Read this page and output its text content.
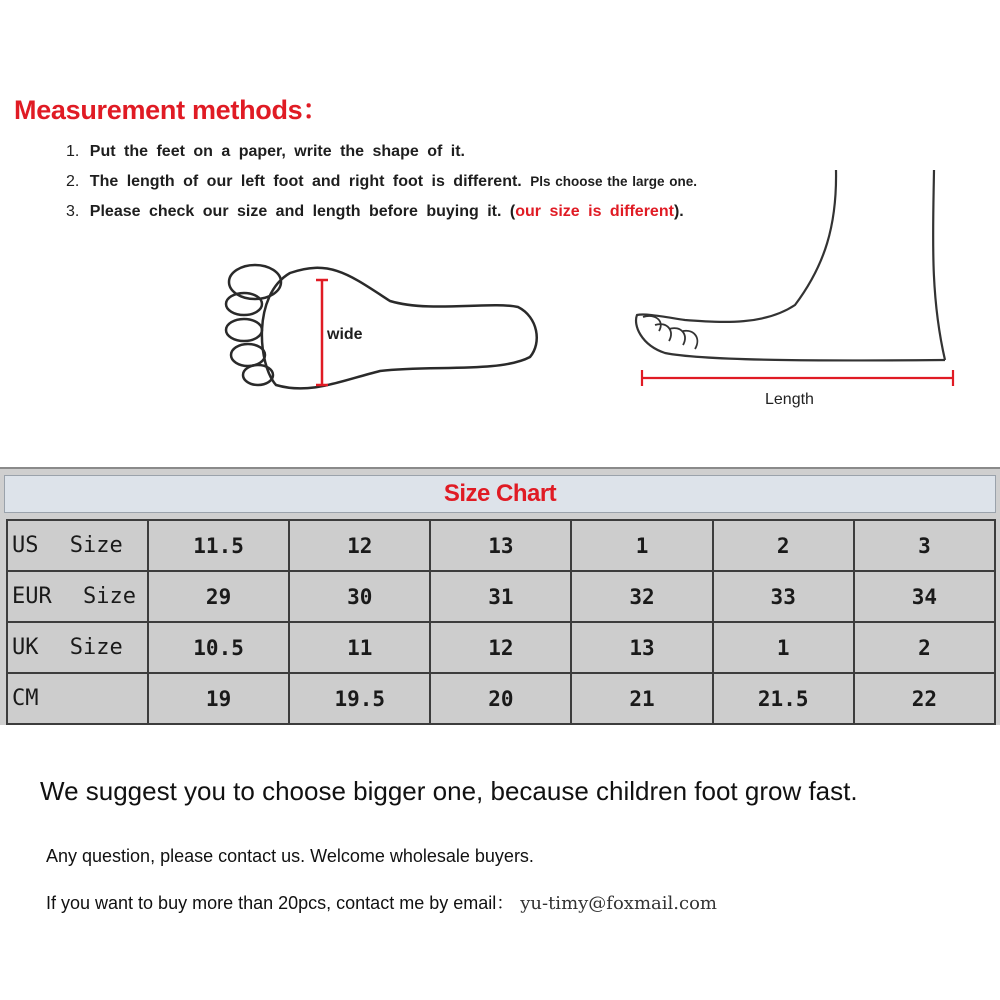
Measurement methods：
1. Put the feet on a paper, write the shape of it.
2. The length of our left foot and right foot is different. Pls choose the large one.
3. Please check our size and length before buying it. (our size is different).
wide
Length
Size Chart
US Size	11.5	12	13	1	2	3
EUR Size	29	30	31	32	33	34
UK Size	10.5	11	12	13	1	2
CM	19	19.5	20	21	21.5	22
We suggest you to choose bigger one, because children foot grow fast.
Any question, please contact us. Welcome wholesale buyers.
If you want to buy more than 20pcs, contact me by email： yu-timy@foxmail.com
